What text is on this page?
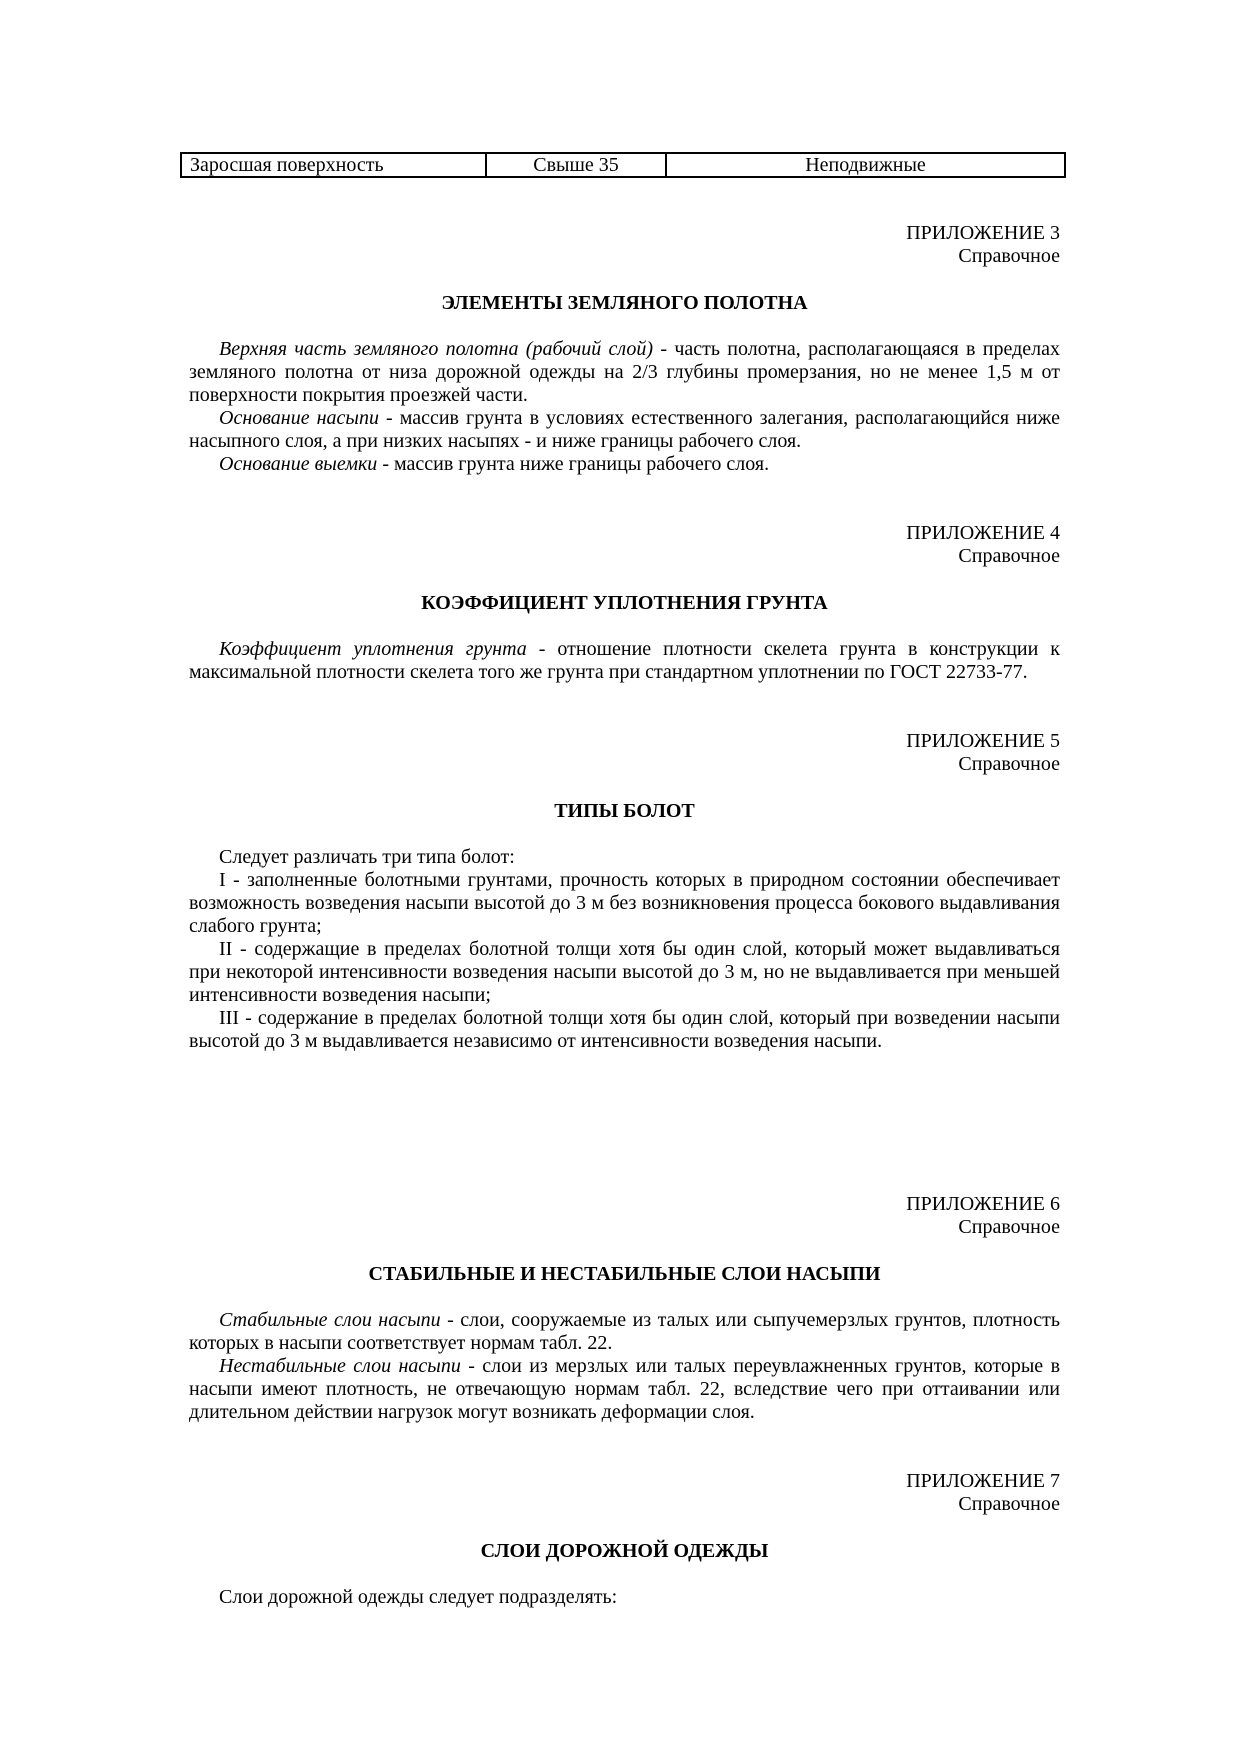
Заросшая поверхность	Свыше 35	Неподвижные
ПРИЛОЖЕНИЕ 3
Справочное
ЭЛЕМЕНТЫ ЗЕМЛЯНОГО ПОЛОТНА

Верхняя часть земляного полотна (рабочий слой) - часть полотна, располагающаяся в пределах земляного полотна от низа дорожной одежды на 2/3 глубины промерзания, но не менее 1,5 м от поверхности покрытия проезжей части.

Основание насыпи - массив грунта в условиях естественного залегания, располагающийся ниже насыпного слоя, а при низких насыпях - и ниже границы рабочего слоя.

Основание выемки - массив грунта ниже границы рабочего слоя.

ПРИЛОЖЕНИЕ 4
Справочное
КОЭФФИЦИЕНТ УПЛОТНЕНИЯ ГРУНТА

Коэффициент уплотнения грунта - отношение плотности скелета грунта в конструкции к максимальной плотности скелета того же грунта при стандартном уплотнении по ГОСТ 22733-77.

ПРИЛОЖЕНИЕ 5
Справочное
ТИПЫ БОЛОТ

Следует различать три типа болот:

I - заполненные болотными грунтами, прочность которых в природном состоянии обеспечивает возможность возведения насыпи высотой до 3 м без возникновения процесса бокового выдавливания слабого грунта;

II - содержащие в пределах болотной толщи хотя бы один слой, который может выдавливаться при некоторой интенсивности возведения насыпи высотой до 3 м, но не выдавливается при меньшей интенсивности возведения насыпи;

III - содержание в пределах болотной толщи хотя бы один слой, который при возведении насыпи высотой до 3 м выдавливается независимо от интенсивности возведения насыпи.

ПРИЛОЖЕНИЕ 6
Справочное
СТАБИЛЬНЫЕ И НЕСТАБИЛЬНЫЕ СЛОИ НАСЫПИ

Стабильные слои насыпи - слои, сооружаемые из талых или сыпучемерзлых грунтов, плотность которых в насыпи соответствует нормам табл. 22.

Нестабильные слои насыпи - слои из мерзлых или талых переувлажненных грунтов, которые в насыпи имеют плотность, не отвечающую нормам табл. 22, вследствие чего при оттаивании или длительном действии нагрузок могут возникать деформации слоя.

ПРИЛОЖЕНИЕ 7
Справочное
СЛОИ ДОРОЖНОЙ ОДЕЖДЫ

Слои дорожной одежды следует подразделять:
